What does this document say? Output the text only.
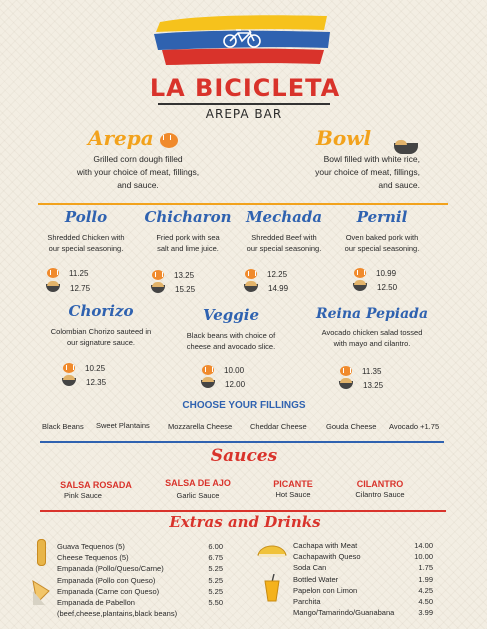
LA BICICLETA
AREPA BAR
Arepa

Grilled corn dough filled
with your choice of meat, fillings,
and sauce.
Bowl
Bowl filled with white rice,
your choice of meat, fillings,
and sauce.
Pollo
Shredded Chicken with
our special seasoning.
Chicharon
Fried pork with sea
salt and lime juice.
Mechada
Shredded Beef with
our special seasoning.
Pernil
Oven baked pork with
our special seasoning.
11.25
12.75
13.25
15.25
12.25
14.99
10.99
12.50
Chorizo
Colombian Chorizo sauteed in
our signature sauce.
Veggie
Black beans with choice of
cheese and avocado slice.
Reina Pepiada
Avocado chicken salad tossed
with mayo and cilantro.
10.25
12.35
10.00
12.00
11.35
13.25
CHOOSE YOUR FILLINGS
Black Beans Sweet Plantains Mozzarella Cheese Cheddar Cheese	Gouda Cheese Avocado +1.75
Sauces
SALSA ROSADA
Pink Sauce
SALSA DE AJO
Garlic Sauce
PICANTE
Hot Sauce
CILANTRO
Cilantro Sauce
Extras and Drinks
Guava Tequenos (5)	6.00
Cheese Tequenos (5)	6.75
Empanada (Pollo/Queso/Carne)	5.25
Empanada (Pollo con Queso)	5.25
Empanada (Carne con Queso)	5.25
Empanada de Pabellon	5.50
(beef,cheese,plantains,black beans)
Cachapa with Meat	14.00
Cachapawith Queso	10.00
Soda Can	1.75
Bottled Water	1.99
Papelon con Limon	4.25
Parchita	4.50
Mango/Tamarindo/Guanabana	3.99
